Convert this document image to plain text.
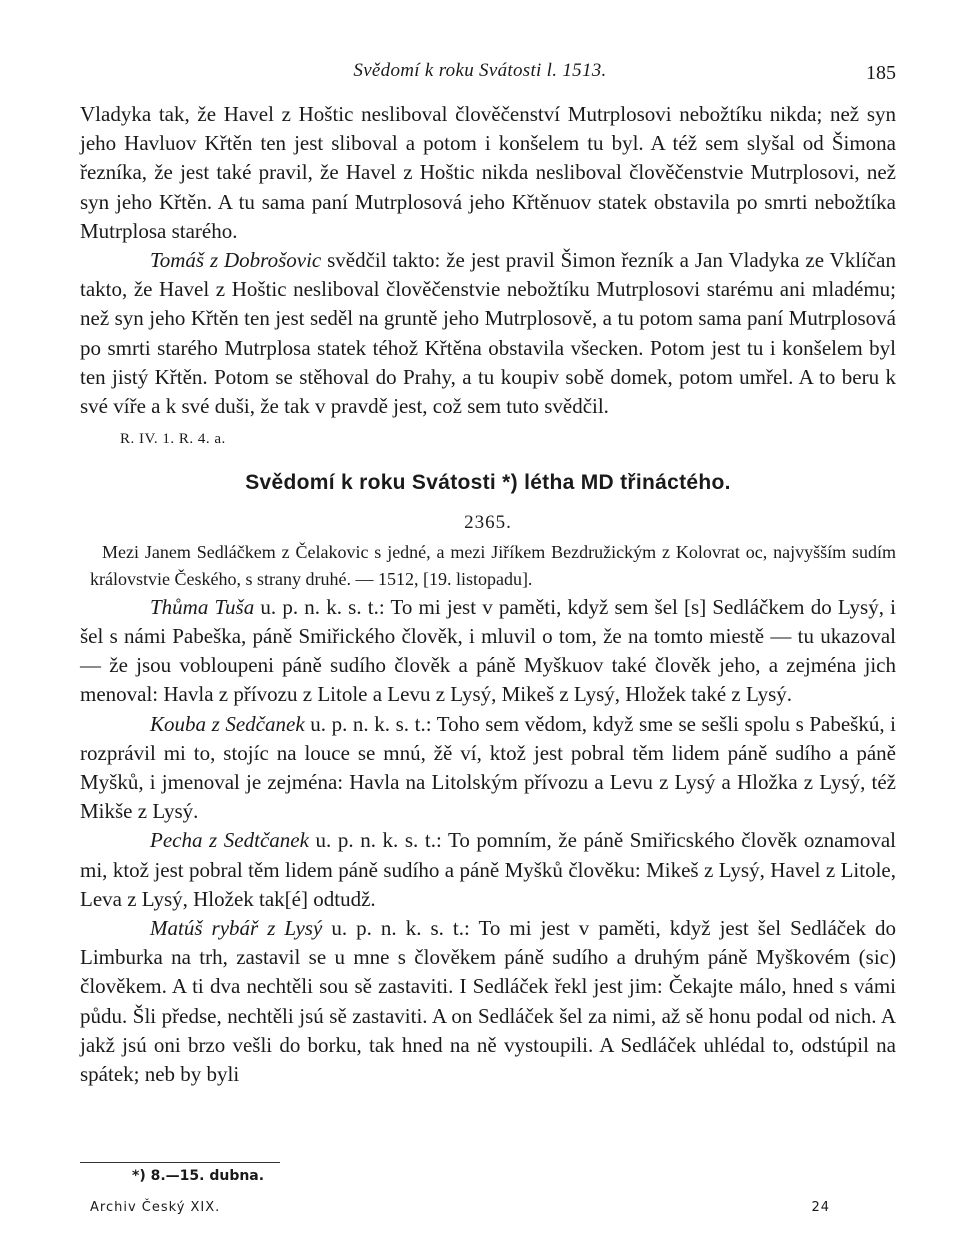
Svědomí k roku Svátosti l. 1513.	185

Vladyka tak, že Havel z Hoštic nesliboval člověčenství Mutrplosovi nebožtíku nikda; než syn jeho Havluov Křtěn ten jest sliboval a potom i konšelem tu byl. A též sem slyšal od Šimona řezníka, že jest také pravil, že Havel z Hoštic nikda nesliboval člověčenstvie Mutrplosovi, než syn jeho Křtěn. A tu sama paní Mutrplosová jeho Křtěnuov statek obstavila po smrti nebožtíka Mutrplosa starého.

Tomáš z Dobrošovic svědčil takto: že jest pravil Šimon řezník a Jan Vladyka ze Vklíčan takto, že Havel z Hoštic nesliboval člověčenstvie nebožtíku Mutrplosovi starému ani mladému; než syn jeho Křtěn ten jest seděl na gruntě jeho Mutrplosově, a tu potom sama paní Mutrplosová po smrti starého Mutrplosa statek téhož Křtěna obstavila všecken. Potom jest tu i konšelem byl ten jistý Křtěn. Potom se stěhoval do Prahy, a tu koupiv sobě domek, potom umřel. A to beru k své víře a k své duši, že tak v pravdě jest, což sem tuto svědčil.

R. IV. 1. R. 4. a.
Svědomí k roku Svátosti *) létha MD třináctého.
2365.

Mezi Janem Sedláčkem z Čelakovic s jedné, a mezi Jiříkem Bezdružickým z Kolovrat oc, najvyšším sudím královstvie Českého, s strany druhé. — 1512, [19. listopadu].

Thůma Tuša u. p. n. k. s. t.: To mi jest v paměti, když sem šel [s] Sedláčkem do Lysý, i šel s námi Pabeška, páně Smiřického člověk, i mluvil o tom, že na tomto miestě — tu ukazoval — že jsou vobloupeni páně sudího člověk a páně Myškuov také člověk jeho, a zejména jich menoval: Havla z přívozu z Litole a Levu z Lysý, Mikeš z Lysý, Hložek také z Lysý.

Kouba z Sedčanek u. p. n. k. s. t.: Toho sem vědom, když sme se sešli spolu s Pabeškú, i rozprávil mi to, stojíc na louce se mnú, žě ví, ktož jest pobral těm lidem páně sudího a páně Myšků, i jmenoval je zejména: Havla na Litolským přívozu a Levu z Lysý a Hložka z Lysý, též Mikše z Lysý.

Pecha z Sedtčanek u. p. n. k. s. t.: To pomním, že páně Smiřicského člověk oznamoval mi, ktož jest pobral těm lidem páně sudího a páně Myšků člověku: Mikeš z Lysý, Havel z Litole, Leva z Lysý, Hložek tak[é] odtudž.

Matúš rybář z Lysý u. p. n. k. s. t.: To mi jest v paměti, když jest šel Sedláček do Limburka na trh, zastavil se u mne s člověkem páně sudího a druhým páně Myškovém (sic) člověkem. A ti dva nechtěli sou sě zastaviti. I Sedláček řekl jest jim: Čekajte málo, hned s vámi půdu. Šli předse, nechtěli jsú sě zastaviti. A on Sedláček šel za nimi, až sě honu podal od nich. A jakž jsú oni brzo vešli do borku, tak hned na ně vystoupili. A Sedláček uhlédal to, odstúpil na spátek; neb by byli

*) 8.—15. dubna.
Archiv Český XIX.	24
